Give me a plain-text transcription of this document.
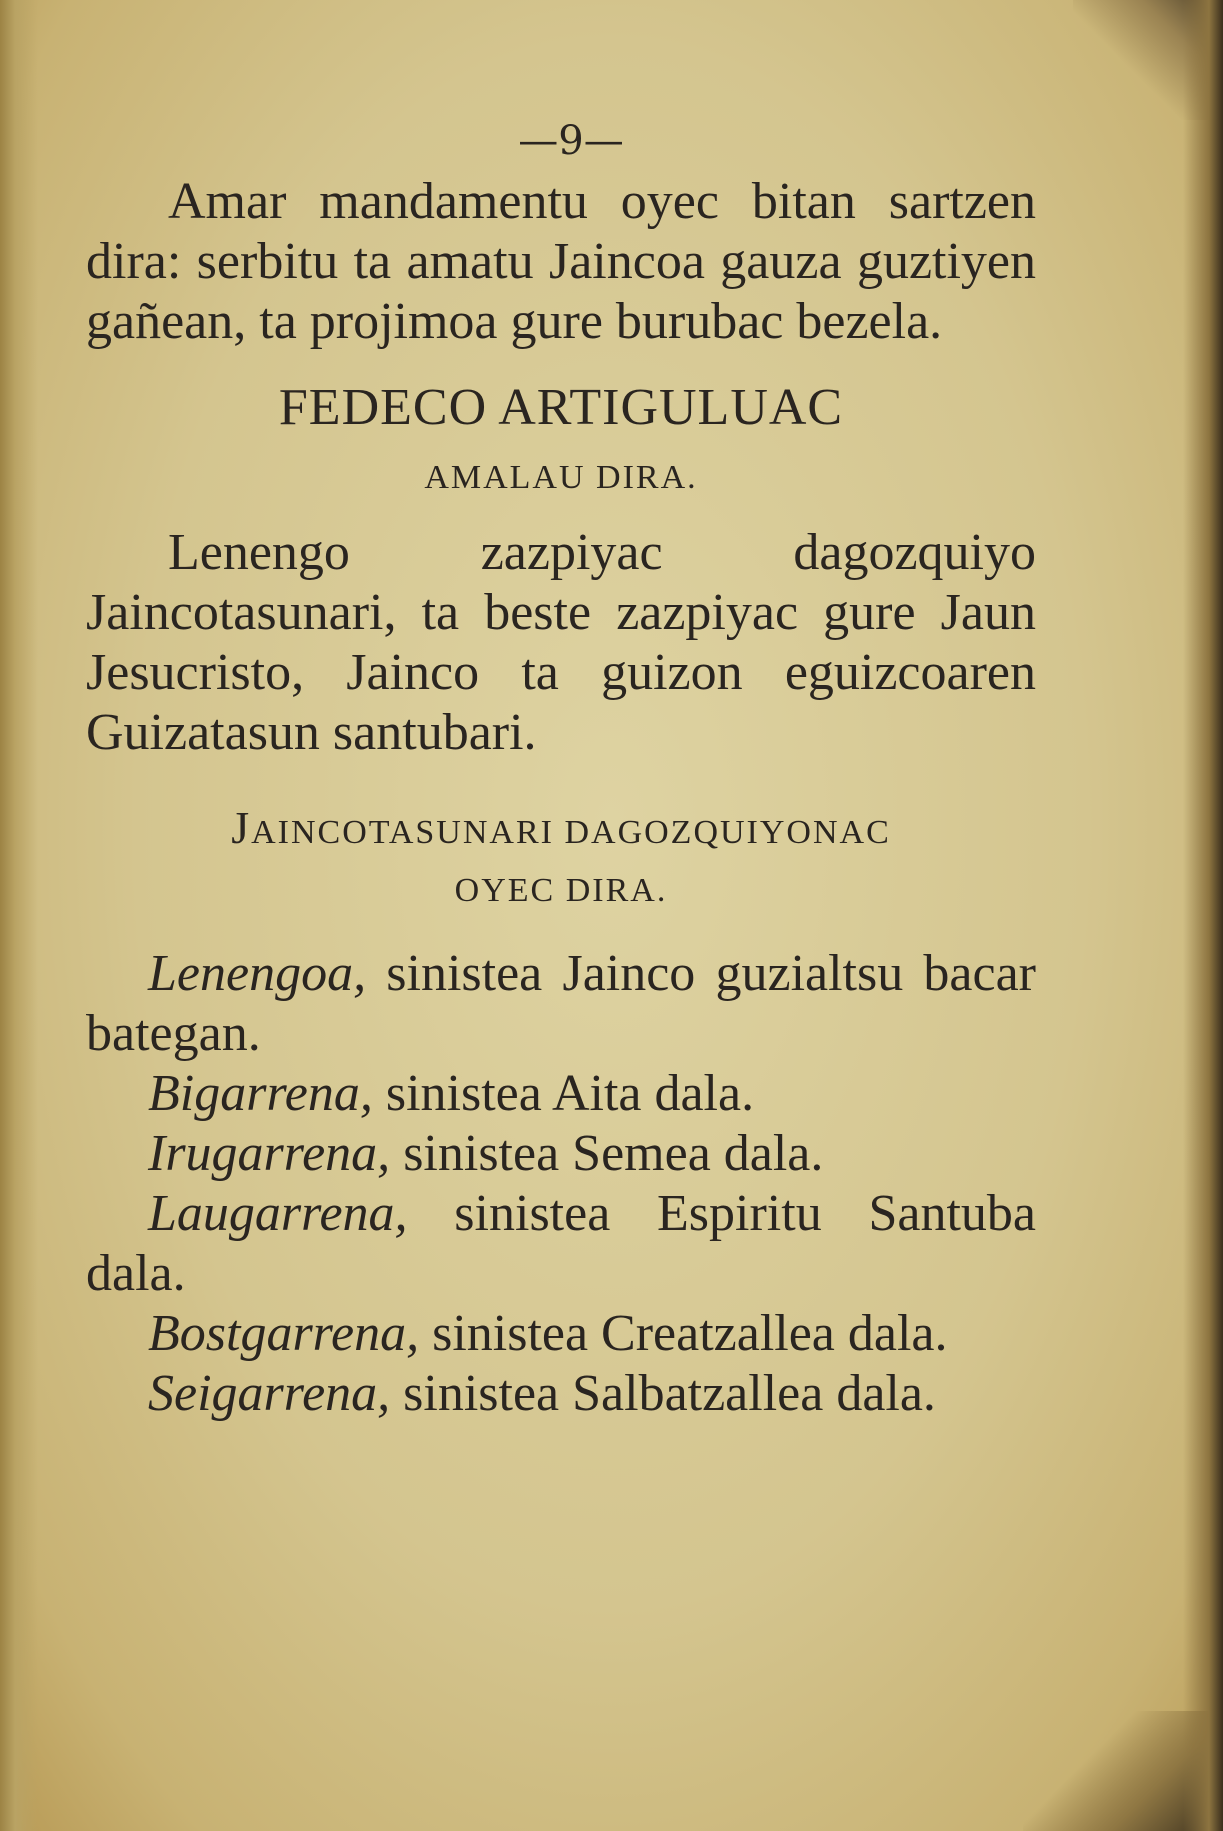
—9—

Amar mandamentu oyec bitan sartzen dira: serbitu ta amatu Jaincoa gauza guztiyen gañean, ta projimoa gure burubac bezela.

FEDECO ARTIGULUAC
AMALAU DIRA.

Lenengo zazpiyac dagozquiyo Jaincotasunari, ta beste zazpiyac gure Jaun Jesucristo, Jainco ta guizon eguizcoaren Guizatasun santubari.

JAINCOTASUNARI DAGOZQUIYONAC
OYEC DIRA.

Lenengoa, sinistea Jainco guzialtsu bacar bategan.

Bigarrena, sinistea Aita dala.

Irugarrena, sinistea Semea dala.

Laugarrena, sinistea Espiritu Santuba dala.

Bostgarrena, sinistea Creatzallea dala.

Seigarrena, sinistea Salbatzallea dala.
